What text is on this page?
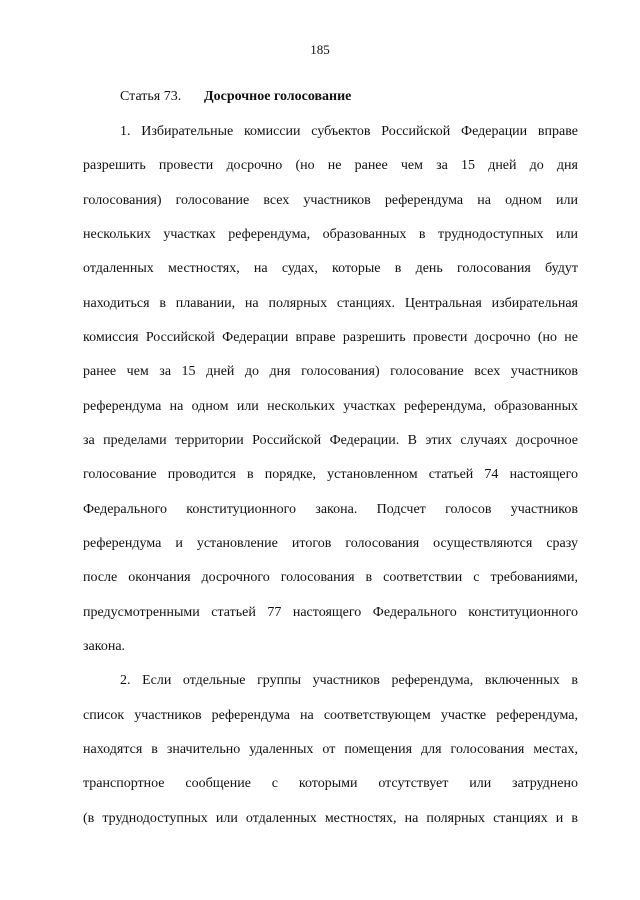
185
Статья 73. Досрочное голосование
1. Избирательные комиссии субъектов Российской Федерации вправе
разрешить провести досрочно (но не ранее чем за 15 дней до дня
голосования) голосование всех участников референдума на одном или
нескольких участках референдума, образованных в труднодоступных или
отдаленных местностях, на судах, которые в день голосования будут
находиться в плавании, на полярных станциях. Центральная избирательная
комиссия Российской Федерации вправе разрешить провести досрочно (но не
ранее чем за 15 дней до дня голосования) голосование всех участников
референдума на одном или нескольких участках референдума, образованных
за пределами территории Российской Федерации. В этих случаях досрочное
голосование проводится в порядке, установленном статьей 74 настоящего
Федерального конституционного закона. Подсчет голосов участников
референдума и установление итогов голосования осуществляются сразу
после окончания досрочного голосования в соответствии с требованиями,
предусмотренными статьей 77 настоящего Федерального конституционного
закона.
2. Если отдельные группы участников референдума, включенных в
список участников референдума на соответствующем участке референдума,
находятся в значительно удаленных от помещения для голосования местах,
транспортное сообщение с которыми отсутствует или затруднено
(в труднодоступных или отдаленных местностях, на полярных станциях и в
